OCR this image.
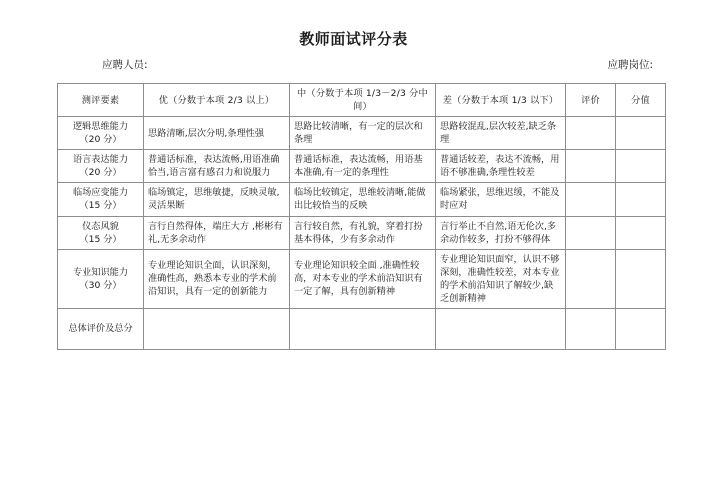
教师面试评分表
应聘人员:	应聘岗位:
测评要素	优（分数于本项 2/3 以上）	中（分数于本项 1/3－2/3 分中间）	差（分数于本项 1/3 以下）	评价	分值

逻辑思维能力
（20 分）	思路清晰,层次分明,条理性强	思路比较清晰，有一定的层次和条理	思路较混乱,层次较差,缺乏条理		

语言表达能力
（20 分）	普通话标准，表达流畅,用语准确恰当,语言富有感召力和说服力	普通话标准，表达流畅，用语基本准确,有一定的条理性	普通话较差，表达不流畅，用语不够准确,条理性较差		

临场应变能力
（15 分）	临场镇定，思维敏捷，反映灵敏,灵活果断	临场比较镇定，思维较清晰,能做出比较恰当的反映	临场紧张，思维迟缓，不能及时应对		

仪态风貌
（15 分）	言行自然得体，端庄大方 ,彬彬有礼,无多余动作	言行较自然，有礼貌，穿着打扮基本得体，少有多余动作	言行举止不自然,语无伦次,多余动作较多，打扮不够得体		

专业知识能力
（30 分）	专业理论知识全面，认识深刻，准确性高，熟悉本专业的学术前沿知识，具有一定的创新能力	专业理论知识较全面 ,准确性较高，对本专业的学术前沿知识有一定了解，具有创新精神	专业理论知识面窄，认识不够深刻，准确性较差，对本专业的学术前沿知识了解较少,缺乏创新精神		
总体评价及总分					
